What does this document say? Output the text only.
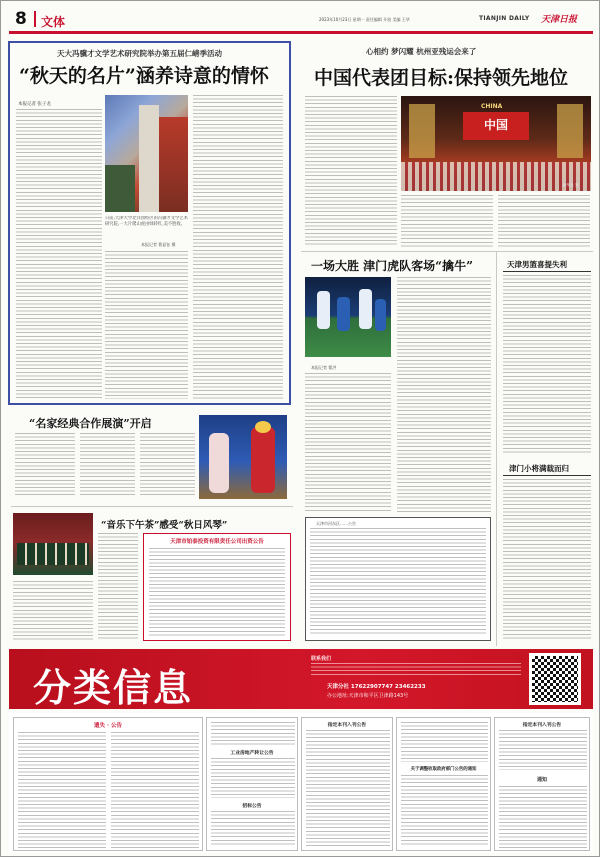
8	文体	2023年10月23日 星期一 责任编辑 开放 美编 王华	TIANJIN DAILY 天津日报
天大冯骥才文学艺术研究院举办第五届仁崝季活动
“秋天的名片”涵养诗意的情怀
本报记者 张子龙
日前,天津大学北洋园校区的冯骥才文学艺术研究院,一大片爬山虎由绿转红,美不胜收。
本报记者 曹显钰 摄
心相约 梦闪耀 杭州亚残运会来了
中国代表团目标:保持领先地位
CHINA
中国
新华社 发
一场大胜 津门虎队客场“擒牛”
本报记者 翟洪
天津男篮喜提失利
津门小将满载而归
天津市河东区……公告
“名家经典合作展演”开启
“音乐下午茶”感受“秋日风琴”
天津市铂泰投资有限责任公司出资公告
分类信息
联系我们
天津分社 17622907747 23462233
办公地址:天津市和平区卫津路143号
遗失 · 公告
工业房地产转让公告
招标公告
指定本刊入刊公告
关于调整收取政府部门公告的通知
指定本刊入刊公告
通知
